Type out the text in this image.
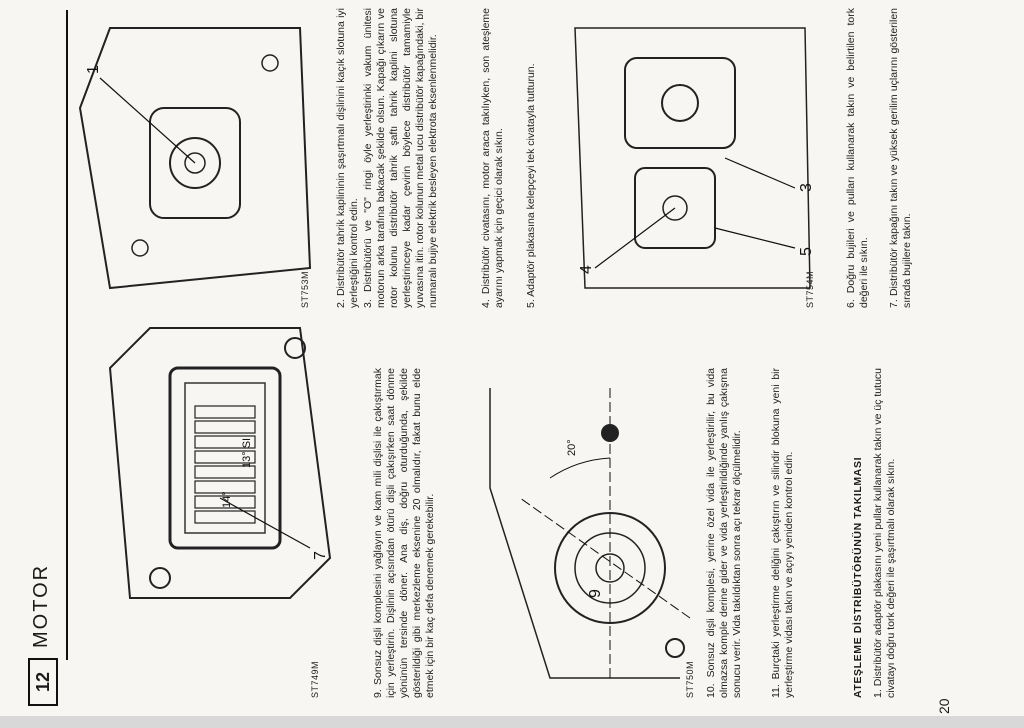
12
MOTOR
14°
13° SI
7
ST749M	9. Sonsuz dişli komplesini yağlayın ve kam mili dişlisi ile çakıştırmak için yerleştirin. Dişlinin açısından ötürü dişli çakışırken saat dönme yönünün tersinde döner. Ana diş, doğru oturduğunda, şekilde gösterildiği gibi merkezleme eksenine 20 olmalıdır, fakat bunu elde etmek için bir kaç defa denemek gerekebilir.
20°
9
ST750M 10. Sonsuz dişli komplesi, yerine özel vida ile yerleştirilir, bu vida olmazsa komple derine gider ve vida yerleştirildiğinde yanlış çakışma sonucu verir. Vida takıldıktan sonra açı tekrar ölçülmelidir.	11. Burçtaki yerleştirme deliğini çakıştırın ve silindir blokuna yeni bir yerleştirme vidası takın ve açıyı yeniden kontrol edin.	ATEŞLEME DİSTRİBÜTÖRÜNÜN TAKILMASI 1. Distribütör adaptör plakasını yeni pullar kullanarak takın ve üç tutucu civatayı doğru tork değeri ile şaşırtmalı olarak sıkın.
20
1
ST753M 2. Distribütör tahrik kaplininin şaşırtmalı dişlinini kaçık slotuna iyi yerleştiğini kontrol edin. 3. Distribütörü ve "O" ringi öyle yerleştirinki vakum ünitesi motorun arka tarafına bakacak şekilde olsun. Kapağı çıkarın ve rotor kolunu distribütör tahrik şaftı tahrik kaplini slotuna yerleştirinceye kadar çevirin böylece distribütör tamamiyle yuvasına itin. rotor kolunun metal ucu distribütör kapağındaki, bir numaralı bujiye elektrik besleyen elektrota eksenlenmelidir.	4. Distribütör civatasını, motor araca takılıyken, son ateşleme ayarını yapmak için geçici olarak sıkın. 5. Adaptör plakasına kelepçeyi tek civatayla tutturun.	4
3
5
ST754M	6. Doğru bujileri ve pulları kullanarak takın ve belirtilen tork değeri ile sıkın. 7. Distribütör kapağını takın ve yüksek gerilim uçlarını gösterilen sırada bujilere takın.
